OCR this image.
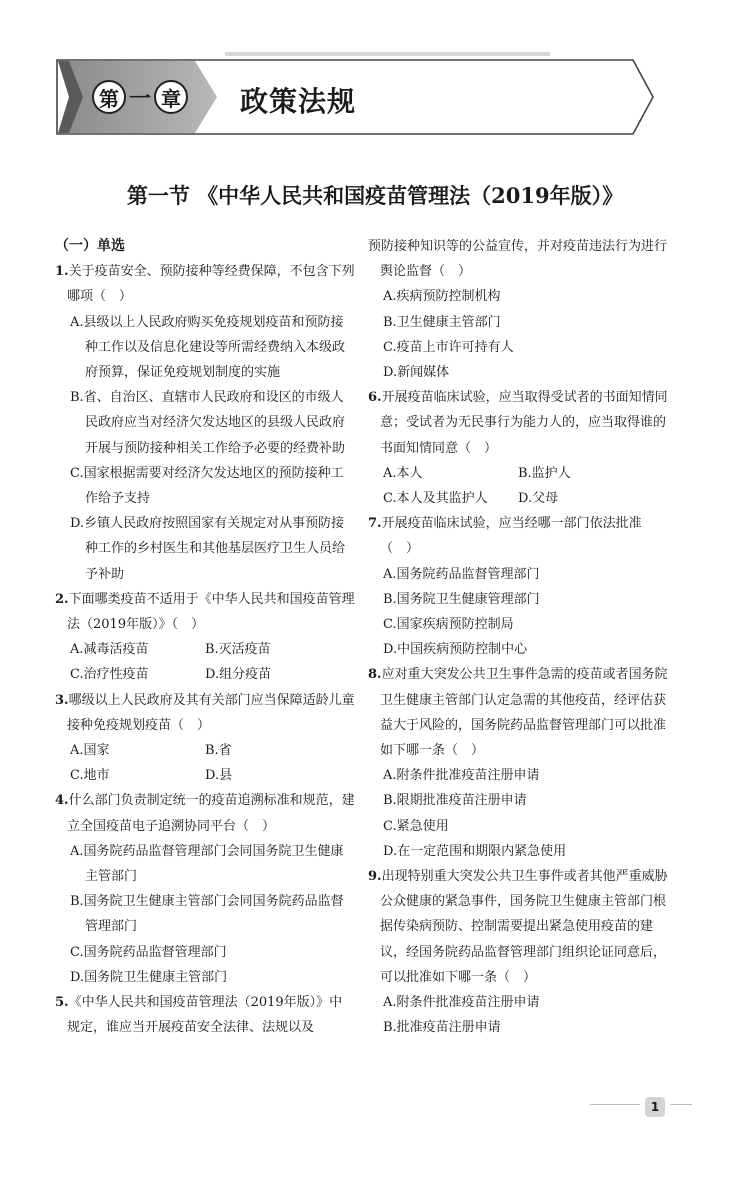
第 一 章 政策法规
第一节 《中华人民共和国疫苗管理法（2019年版）》
（一）单选
1.关于疫苗安全、预防接种等经费保障，不包含下列哪项（　）
A.县级以上人民政府购买免疫规划疫苗和预防接种工作以及信息化建设等所需经费纳入本级政府预算，保证免疫规划制度的实施
B.省、自治区、直辖市人民政府和设区的市级人民政府应当对经济欠发达地区的县级人民政府开展与预防接种相关工作给予必要的经费补助
C.国家根据需要对经济欠发达地区的预防接种工作给予支持
D.乡镇人民政府按照国家有关规定对从事预防接种工作的乡村医生和其他基层医疗卫生人员给予补助
2.下面哪类疫苗不适用于《中华人民共和国疫苗管理法（2019年版）》（　）
A.减毒活疫苗	B.灭活疫苗
C.治疗性疫苗	D.组分疫苗
3.哪级以上人民政府及其有关部门应当保障适龄儿童接种免疫规划疫苗（　）
A.国家	B.省
C.地市	D.县
4.什么部门负责制定统一的疫苗追溯标准和规范，建立全国疫苗电子追溯协同平台（　）
A.国务院药品监督管理部门会同国务院卫生健康主管部门
B.国务院卫生健康主管部门会同国务院药品监督管理部门
C.国务院药品监督管理部门
D.国务院卫生健康主管部门
5.《中华人民共和国疫苗管理法（2019年版）》中规定，谁应当开展疫苗安全法律、法规以及
预防接种知识等的公益宣传，并对疫苗违法行为进行舆论监督（　）
A.疾病预防控制机构
B.卫生健康主管部门
C.疫苗上市许可持有人
D.新闻媒体
6.开展疫苗临床试验，应当取得受试者的书面知情同意；受试者为无民事行为能力人的，应当取得谁的书面知情同意（　）
A.本人	B.监护人
C.本人及其监护人	D.父母
7.开展疫苗临床试验，应当经哪一部门依法批准（　）
A.国务院药品监督管理部门
B.国务院卫生健康管理部门
C.国家疾病预防控制局
D.中国疾病预防控制中心
8.应对重大突发公共卫生事件急需的疫苗或者国务院卫生健康主管部门认定急需的其他疫苗，经评估获益大于风险的，国务院药品监督管理部门可以批准如下哪一条（　）
A.附条件批准疫苗注册申请
B.限期批准疫苗注册申请
C.紧急使用
D.在一定范围和期限内紧急使用
9.出现特别重大突发公共卫生事件或者其他严重威胁公众健康的紧急事件，国务院卫生健康主管部门根据传染病预防、控制需要提出紧急使用疫苗的建议，经国务院药品监督管理部门组织论证同意后，可以批准如下哪一条（　）
A.附条件批准疫苗注册申请
B.批准疫苗注册申请
1
